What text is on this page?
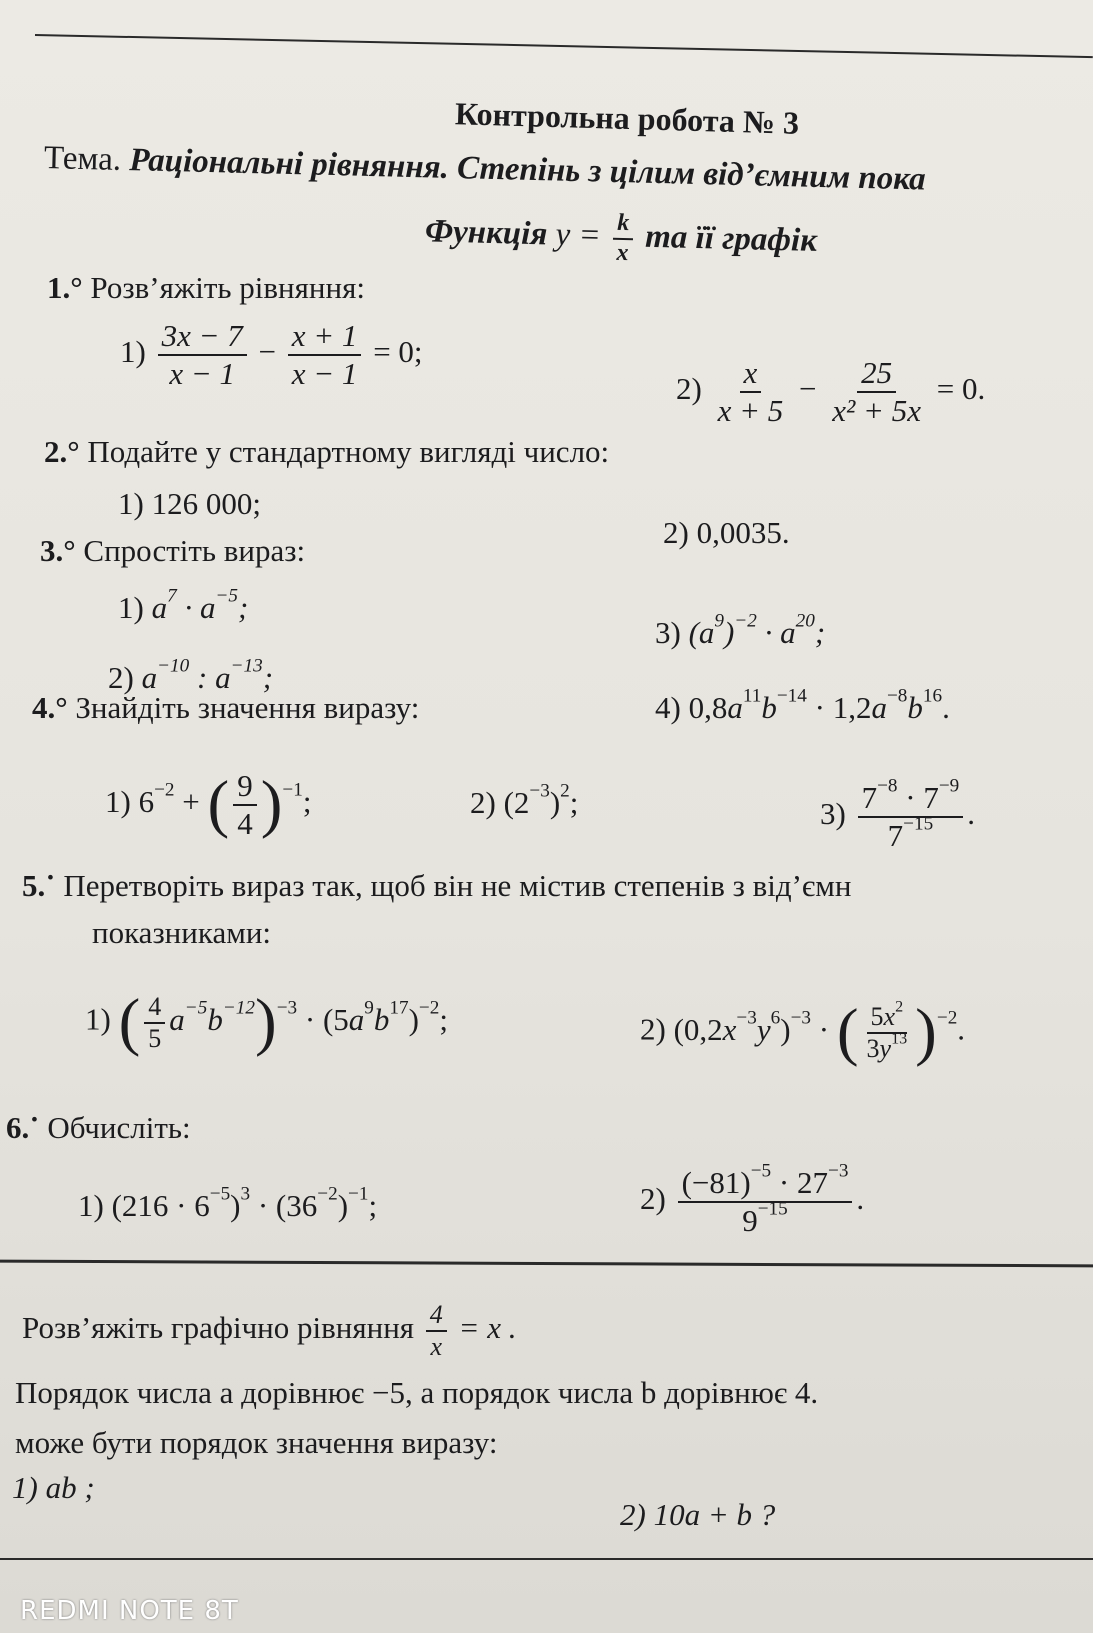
Контрольна робота № 3
Тема. Раціональні рівняння. Степінь з цілим від’ємним пока
Функція $y = \frac{k}{x}$ та її графік
1.° Розв’яжіть рівняння:
$1) \frac{3x - 7}{x - 1} - \frac{x + 1}{x - 1} = 0$;
$2) \frac{x}{x + 5} - \frac{25}{\text{x² + 5x}} = 0$.
2.° Подайте у стандартному вигляді число:
1) 126 000;
2) 0,0035.
3.° Спростіть вираз:
1) $a^7 \cdot a^{-5}$;
3) $(a^9)^{-2} \cdot a^{20}$;
2) $a^{-10}$ : $a^{-13}$;
4) $0,8a^{11}b^{-14} \cdot 1,2a^{-8}b^{16}$.
4.° Знайдіть значення виразу:
1) $6^{-2}$ + ( $\frac{9}{4} )^{-1}$;	2) $(2^{-3})^2$;	$3) \frac{7^{-8} \cdot 7^{-9}}{7^{-15}}$ .
5.˙ Перетворіть вираз так, щоб він не містив степенів з від’ємн
показниками:
1) ( $\frac{4}{5} a^{-5}b^{-12})^{-3} \cdot (5a^9b^{17})^{-2}$;	2) $(0,2x^{-3}y^6)^{-3}$ · ( $\frac{5x^2}{3y^{13}} )^{-2}$.
6.˙ Обчисліть:
1) $(216 \cdot 6^{-5})^3 \cdot (36^{-2})^{-1}$;	$2) \frac{(-81)^{-5} \cdot 27^{-3}}{9^{-15}}$ .
Розв’яжіть графічно рівняння $\frac{4}{x} = x$ .
Порядок числа a дорівнює −5, а порядок числа b дорівнює 4.
може бути порядок значення виразу:
1) ab ;
2) 10a + b ?
REDMI NOTE 8T
